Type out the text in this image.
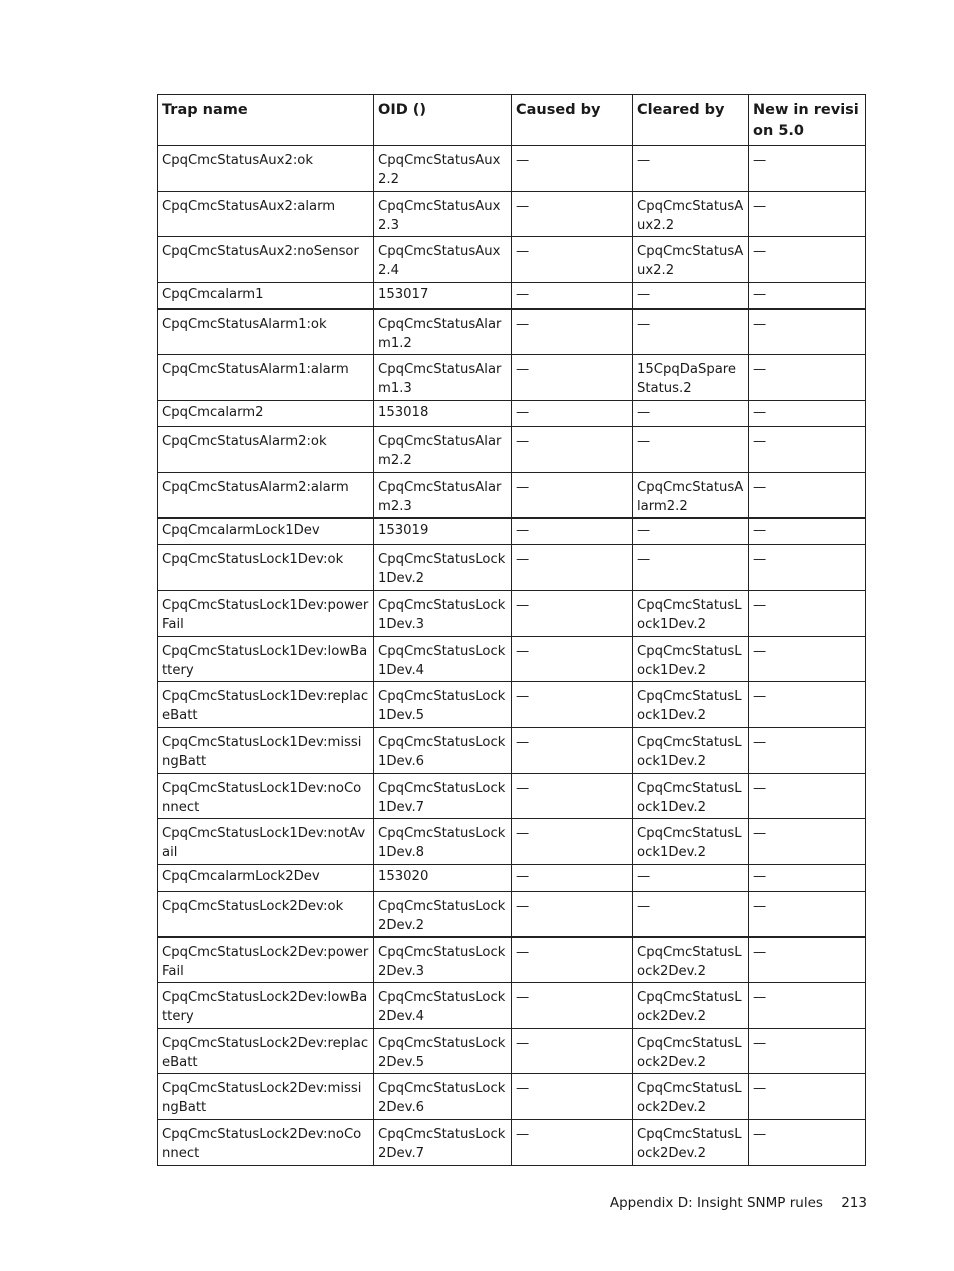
Trap name	OID ()	Caused by	Cleared by	New in revision 5.0
CpqCmcStatusAux2:ok	CpqCmcStatusAux2.2	—	—	—
CpqCmcStatusAux2:alarm	CpqCmcStatusAux2.3	—	CpqCmcStatusAux2.2	—
CpqCmcStatusAux2:noSensor	CpqCmcStatusAux2.4	—	CpqCmcStatusAux2.2	—
CpqCmcalarm1	153017	—	—	—
CpqCmcStatusAlarm1:ok	CpqCmcStatusAlarm1.2	—	—	—
CpqCmcStatusAlarm1:alarm	CpqCmcStatusAlarm1.3	—	15CpqDaSpare Status.2	—
CpqCmcalarm2	153018	—	—	—
CpqCmcStatusAlarm2:ok	CpqCmcStatusAlarm2.2	—	—	—
CpqCmcStatusAlarm2:alarm	CpqCmcStatusAlarm2.3	—	CpqCmcStatusAlarm2.2	—
CpqCmcalarmLock1Dev	153019	—	—	—
CpqCmcStatusLock1Dev:ok	CpqCmcStatusLock1Dev.2	—	—	—
CpqCmcStatusLock1Dev:powerFail	CpqCmcStatusLock1Dev.3	—	CpqCmcStatusLock1Dev.2	—
CpqCmcStatusLock1Dev:lowBattery	CpqCmcStatusLock1Dev.4	—	CpqCmcStatusLock1Dev.2	—
CpqCmcStatusLock1Dev:replaceBatt	CpqCmcStatusLock1Dev.5	—	CpqCmcStatusLock1Dev.2	—
CpqCmcStatusLock1Dev:missingBatt	CpqCmcStatusLock1Dev.6	—	CpqCmcStatusLock1Dev.2	—
CpqCmcStatusLock1Dev:noConnect	CpqCmcStatusLock1Dev.7	—	CpqCmcStatusLock1Dev.2	—
CpqCmcStatusLock1Dev:notAvail	CpqCmcStatusLock1Dev.8	—	CpqCmcStatusLock1Dev.2	—
CpqCmcalarmLock2Dev	153020	—	—	—
CpqCmcStatusLock2Dev:ok	CpqCmcStatusLock2Dev.2	—	—	—
CpqCmcStatusLock2Dev:powerFail	CpqCmcStatusLock2Dev.3	—	CpqCmcStatusLock2Dev.2	—
CpqCmcStatusLock2Dev:lowBattery	CpqCmcStatusLock2Dev.4	—	CpqCmcStatusLock2Dev.2	—
CpqCmcStatusLock2Dev:replaceBatt	CpqCmcStatusLock2Dev.5	—	CpqCmcStatusLock2Dev.2	—
CpqCmcStatusLock2Dev:missingBatt	CpqCmcStatusLock2Dev.6	—	CpqCmcStatusLock2Dev.2	—
CpqCmcStatusLock2Dev:noConnect	CpqCmcStatusLock2Dev.7	—	CpqCmcStatusLock2Dev.2	—
Appendix D: Insight SNMP rules 213
